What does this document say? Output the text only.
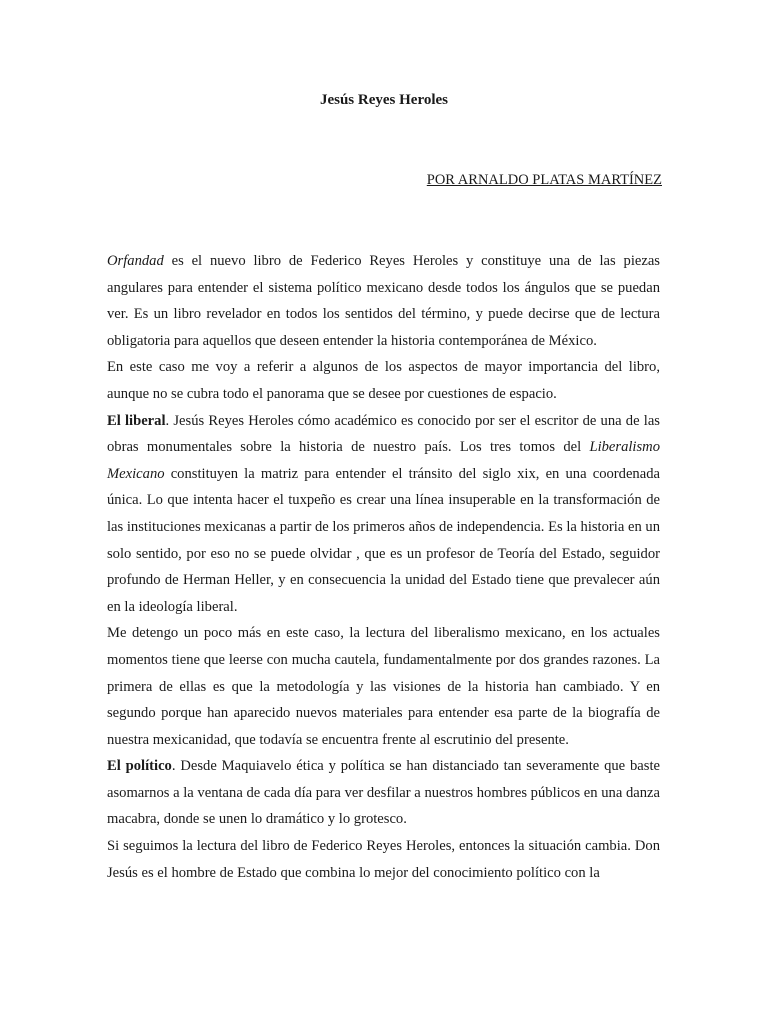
Jesús Reyes Heroles

POR ARNALDO PLATAS MARTÍNEZ

Orfandad es el nuevo libro de Federico Reyes Heroles y constituye una de las piezas angulares para entender el sistema político mexicano desde todos los ángulos que se puedan ver. Es un libro revelador en todos los sentidos del término, y puede decirse que de lectura obligatoria para aquellos que deseen entender la historia contemporánea de México.

En este caso me voy a referir a algunos de los aspectos de mayor importancia del libro, aunque no se cubra todo el panorama que se desee por cuestiones de espacio.

El liberal. Jesús Reyes Heroles cómo académico es conocido por ser el escritor de una de las obras monumentales sobre la historia de nuestro país. Los tres tomos del Liberalismo Mexicano constituyen la matriz para entender el tránsito del siglo xix, en una coordenada única. Lo que intenta hacer el tuxpeño es crear una línea insuperable en la transformación de las instituciones mexicanas a partir de los primeros años de independencia. Es la historia en un solo sentido, por eso no se puede olvidar , que es un profesor de Teoría del Estado, seguidor profundo de Herman Heller, y en consecuencia la unidad del Estado tiene que prevalecer aún en la ideología liberal.

Me detengo un poco más en este caso, la lectura del liberalismo mexicano, en los actuales momentos tiene que leerse con mucha cautela, fundamentalmente por dos grandes razones. La primera de ellas es que la metodología y las visiones de la historia han cambiado. Y en segundo porque han aparecido nuevos materiales para entender esa parte de la biografía de nuestra mexicanidad, que todavía se encuentra frente al escrutinio del presente.

El político. Desde Maquiavelo ética y política se han distanciado tan severamente que baste asomarnos a la ventana de cada día para ver desfilar a nuestros hombres públicos en una danza macabra, donde se unen lo dramático y lo grotesco.

Si seguimos la lectura del libro de Federico Reyes Heroles, entonces la situación cambia. Don Jesús es el hombre de Estado que combina lo mejor del conocimiento político con la
